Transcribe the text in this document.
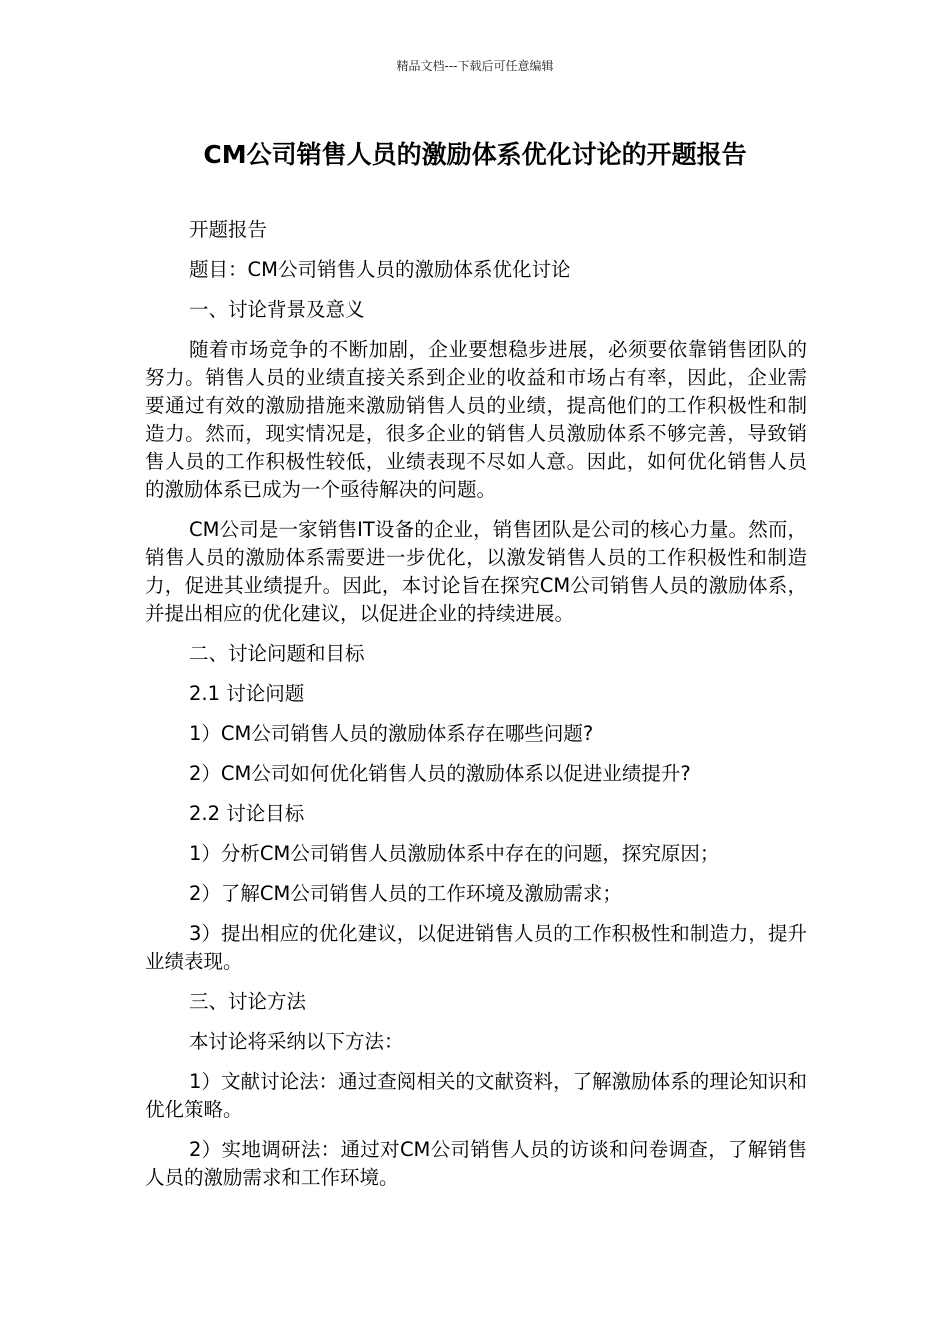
精品文档---下载后可任意编辑
CM公司销售人员的激励体系优化讨论的开题报告

开题报告

题目：CM公司销售人员的激励体系优化讨论

一、讨论背景及意义

随着市场竞争的不断加剧，企业要想稳步进展，必须要依靠销售团队的努力。销售人员的业绩直接关系到企业的收益和市场占有率，因此，企业需要通过有效的激励措施来激励销售人员的业绩，提高他们的工作积极性和制造力。然而，现实情况是，很多企业的销售人员激励体系不够完善，导致销售人员的工作积极性较低，业绩表现不尽如人意。因此，如何优化销售人员的激励体系已成为一个亟待解决的问题。

CM公司是一家销售IT设备的企业，销售团队是公司的核心力量。然而，销售人员的激励体系需要进一步优化，以激发销售人员的工作积极性和制造力，促进其业绩提升。因此，本讨论旨在探究CM公司销售人员的激励体系，并提出相应的优化建议，以促进企业的持续进展。

二、讨论问题和目标

2.1 讨论问题

1）CM公司销售人员的激励体系存在哪些问题?

2）CM公司如何优化销售人员的激励体系以促进业绩提升?

2.2 讨论目标

1）分析CM公司销售人员激励体系中存在的问题，探究原因；

2）了解CM公司销售人员的工作环境及激励需求；

3）提出相应的优化建议，以促进销售人员的工作积极性和制造力，提升业绩表现。

三、讨论方法

本讨论将采纳以下方法：

1）文献讨论法：通过查阅相关的文献资料，了解激励体系的理论知识和优化策略。

2）实地调研法：通过对CM公司销售人员的访谈和问卷调查，了解销售人员的激励需求和工作环境。
